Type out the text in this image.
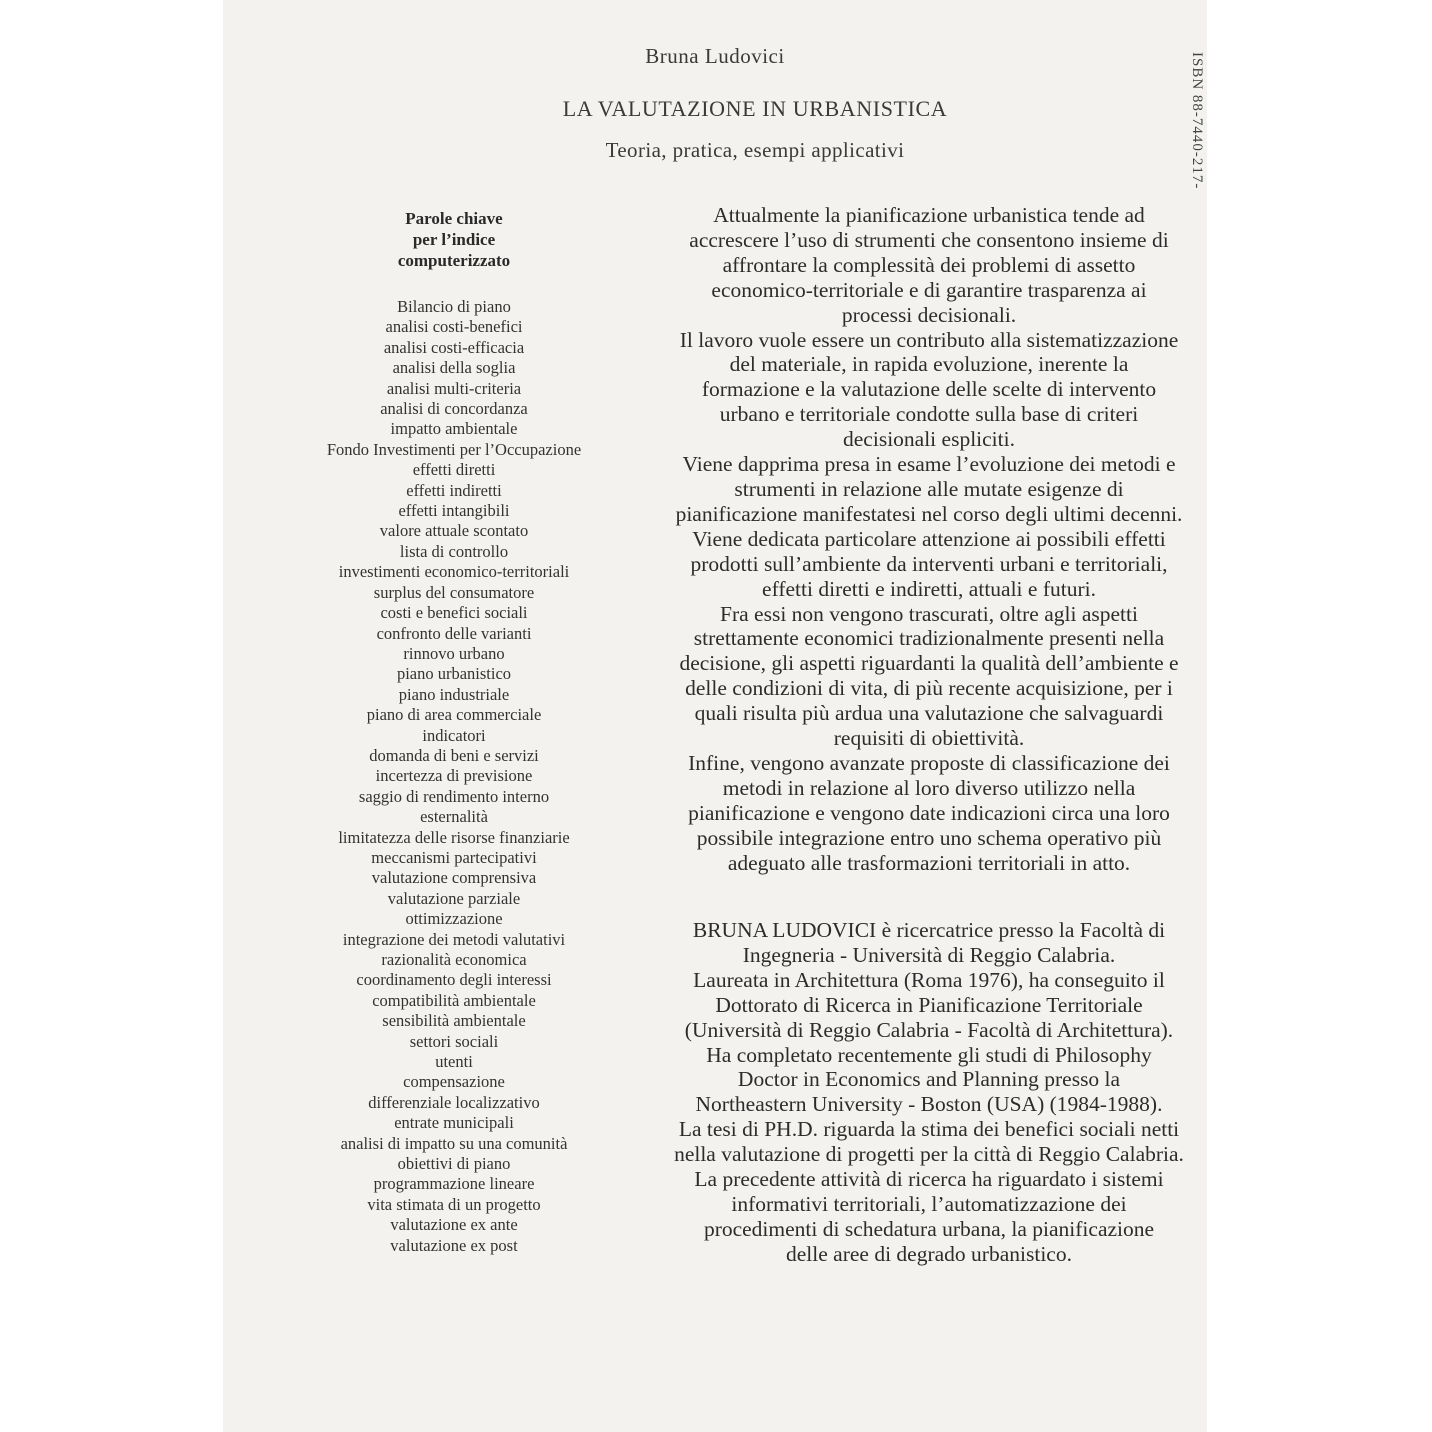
Bruna Ludovici
LA VALUTAZIONE IN URBANISTICA
Teoria, pratica, esempi applicativi	ISBN 88-7440-217-
Parole chiave
per l’indice
computerizzato
Bilancio di piano
analisi costi-benefici
analisi costi-efficacia
analisi della soglia
analisi multi-criteria
analisi di concordanza
impatto ambientale
Fondo Investimenti per l’Occupazione
effetti diretti
effetti indiretti
effetti intangibili
valore attuale scontato
lista di controllo
investimenti economico-territoriali
surplus del consumatore
costi e benefici sociali
confronto delle varianti
rinnovo urbano
piano urbanistico
piano industriale
piano di area commerciale
indicatori
domanda di beni e servizi
incertezza di previsione
saggio di rendimento interno
esternalità
limitatezza delle risorse finanziarie
meccanismi partecipativi
valutazione comprensiva
valutazione parziale
ottimizzazione
integrazione dei metodi valutativi
razionalità economica
coordinamento degli interessi
compatibilità ambientale
sensibilità ambientale
settori sociali
utenti
compensazione
differenziale localizzativo
entrate municipali
analisi di impatto su una comunità
obiettivi di piano
programmazione lineare
vita stimata di un progetto
valutazione ex ante
valutazione ex post
Attualmente la pianificazione urbanistica tende ad
accrescere l’uso di strumenti che consentono insieme di
affrontare la complessità dei problemi di assetto
economico-territoriale e di garantire trasparenza ai
processi decisionali.
Il lavoro vuole essere un contributo alla sistematizzazione
del materiale, in rapida evoluzione, inerente la
formazione e la valutazione delle scelte di intervento
urbano e territoriale condotte sulla base di criteri
decisionali espliciti.
Viene dapprima presa in esame l’evoluzione dei metodi e
strumenti in relazione alle mutate esigenze di
pianificazione manifestatesi nel corso degli ultimi decenni.
Viene dedicata particolare attenzione ai possibili effetti
prodotti sull’ambiente da interventi urbani e territoriali,
effetti diretti e indiretti, attuali e futuri.
Fra essi non vengono trascurati, oltre agli aspetti
strettamente economici tradizionalmente presenti nella
decisione, gli aspetti riguardanti la qualità dell’ambiente e
delle condizioni di vita, di più recente acquisizione, per i
quali risulta più ardua una valutazione che salvaguardi
requisiti di obiettività.
Infine, vengono avanzate proposte di classificazione dei
metodi in relazione al loro diverso utilizzo nella
pianificazione e vengono date indicazioni circa una loro
possibile integrazione entro uno schema operativo più
adeguato alle trasformazioni territoriali in atto.
BRUNA LUDOVICI è ricercatrice presso la Facoltà di
Ingegneria - Università di Reggio Calabria.
Laureata in Architettura (Roma 1976), ha conseguito il
Dottorato di Ricerca in Pianificazione Territoriale
(Università di Reggio Calabria - Facoltà di Architettura).
Ha completato recentemente gli studi di Philosophy
Doctor in Economics and Planning presso la
Northeastern University - Boston (USA) (1984-1988).
La tesi di PH.D. riguarda la stima dei benefici sociali netti
nella valutazione di progetti per la città di Reggio Calabria.
La precedente attività di ricerca ha riguardato i sistemi
informativi territoriali, l’automatizzazione dei
procedimenti di schedatura urbana, la pianificazione
delle aree di degrado urbanistico.
